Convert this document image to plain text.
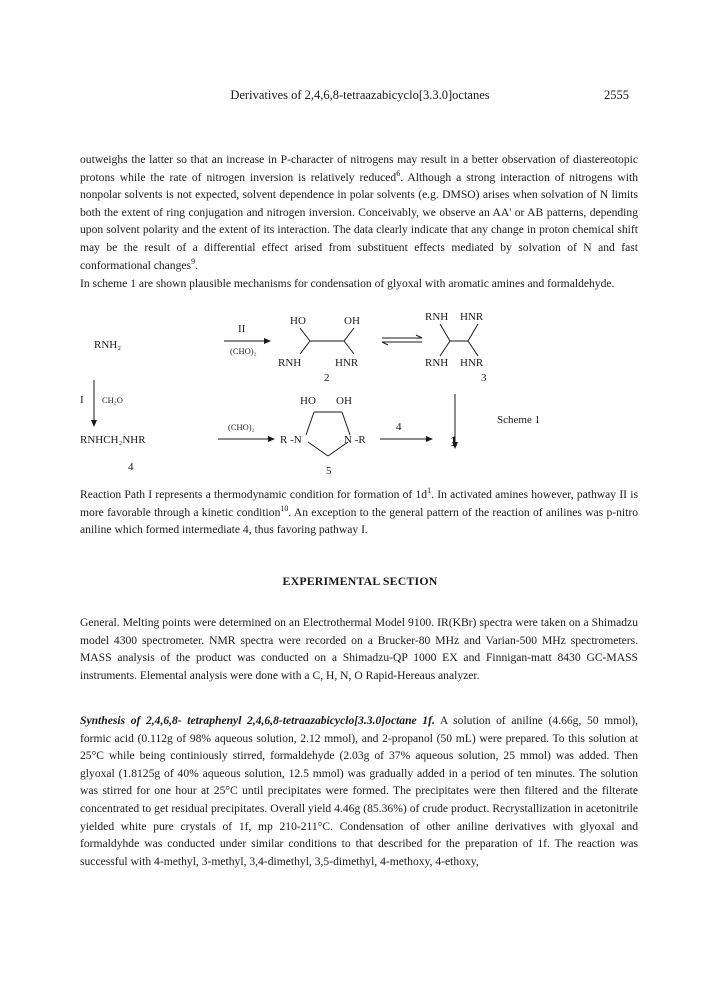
Derivatives of 2,4,6,8-tetraazabicyclo[3.3.0]octanes	2555

outweighs the latter so that an increase in P-character of nitrogens may result in a better observation of diastereotopic protons while the rate of nitrogen inversion is relatively reduced$^6$. Although a strong interaction of nitrogens with nonpolar solvents is not expected, solvent dependence in polar solvents (e.g. DMSO) arises when solvation of N limits both the extent of ring conjugation and nitrogen inversion. Conceivably, we observe an AA' or AB patterns, depending upon solvent polarity and the extent of its interaction. The data clearly indicate that any change in proton chemical shift may be the result of a differential effect arised from substituent effects mediated by solvation of N and fast conformational changes$^9$.

In scheme 1 are shown plausible mechanisms for condensation of glyoxal with aromatic amines and formaldehyde.

RNH₂
II
(CHO)₂
HO	OH
RNH	HNR
2
RNH HNR
RNH HNR
3
I CH₂O	HO OH
R -N	N -R
5
RNHCH₂NHR
4
(CHO)₂	4
1
Scheme 1

Reaction Path I represents a thermodynamic condition for formation of $1d^1$. In activated amines however, pathway II is more favorable through a kinetic condition$^{10}$. An exception to the general pattern of the reaction of anilines was p-nitro aniline which formed intermediate 4, thus favoring pathway I.

EXPERIMENTAL SECTION

General. Melting points were determined on an Electrothermal Model 9100. IR(KBr) spectra were taken on a Shimadzu model 4300 spectrometer. NMR spectra were recorded on a Brucker-80 MHz and Varian-500 MHz spectrometers. MASS analysis of the product was conducted on a Shimadzu-QP 1000 EX and Finnigan-matt 8430 GC-MASS instruments. Elemental analysis were done with a C, H, N, O Rapid-Hereaus analyzer.

Synthesis of 2,4,6,8- tetraphenyl 2,4,6,8-tetraazabicyclo[3.3.0]octane 1f. A solution of aniline (4.66g, 50 mmol), formic acid (0.112g of 98% aqueous solution, 2.12 mmol), and 2-propanol (50 mL) were prepared. To this solution at 25°C while being continiously stirred, formaldehyde (2.03g of 37% aqueous solution, 25 mmol) was added. Then glyoxal (1.8125g of 40% aqueous solution, 12.5 mmol) was gradually added in a period of ten minutes. The solution was stirred for one hour at 25°C until precipitates were formed. The precipitates were then filtered and the filterate concentrated to get residual precipitates. Overall yield 4.46g (85.36%) of crude product. Recrystallization in acetonitrile yielded white pure crystals of 1f, mp 210-211°C. Condensation of other aniline derivatives with glyoxal and formaldyhde was conducted under similar conditions to that described for the preparation of 1f. The reaction was successful with 4-methyl, 3-methyl, 3,4-dimethyl, 3,5-dimethyl, 4-methoxy, 4-ethoxy,
